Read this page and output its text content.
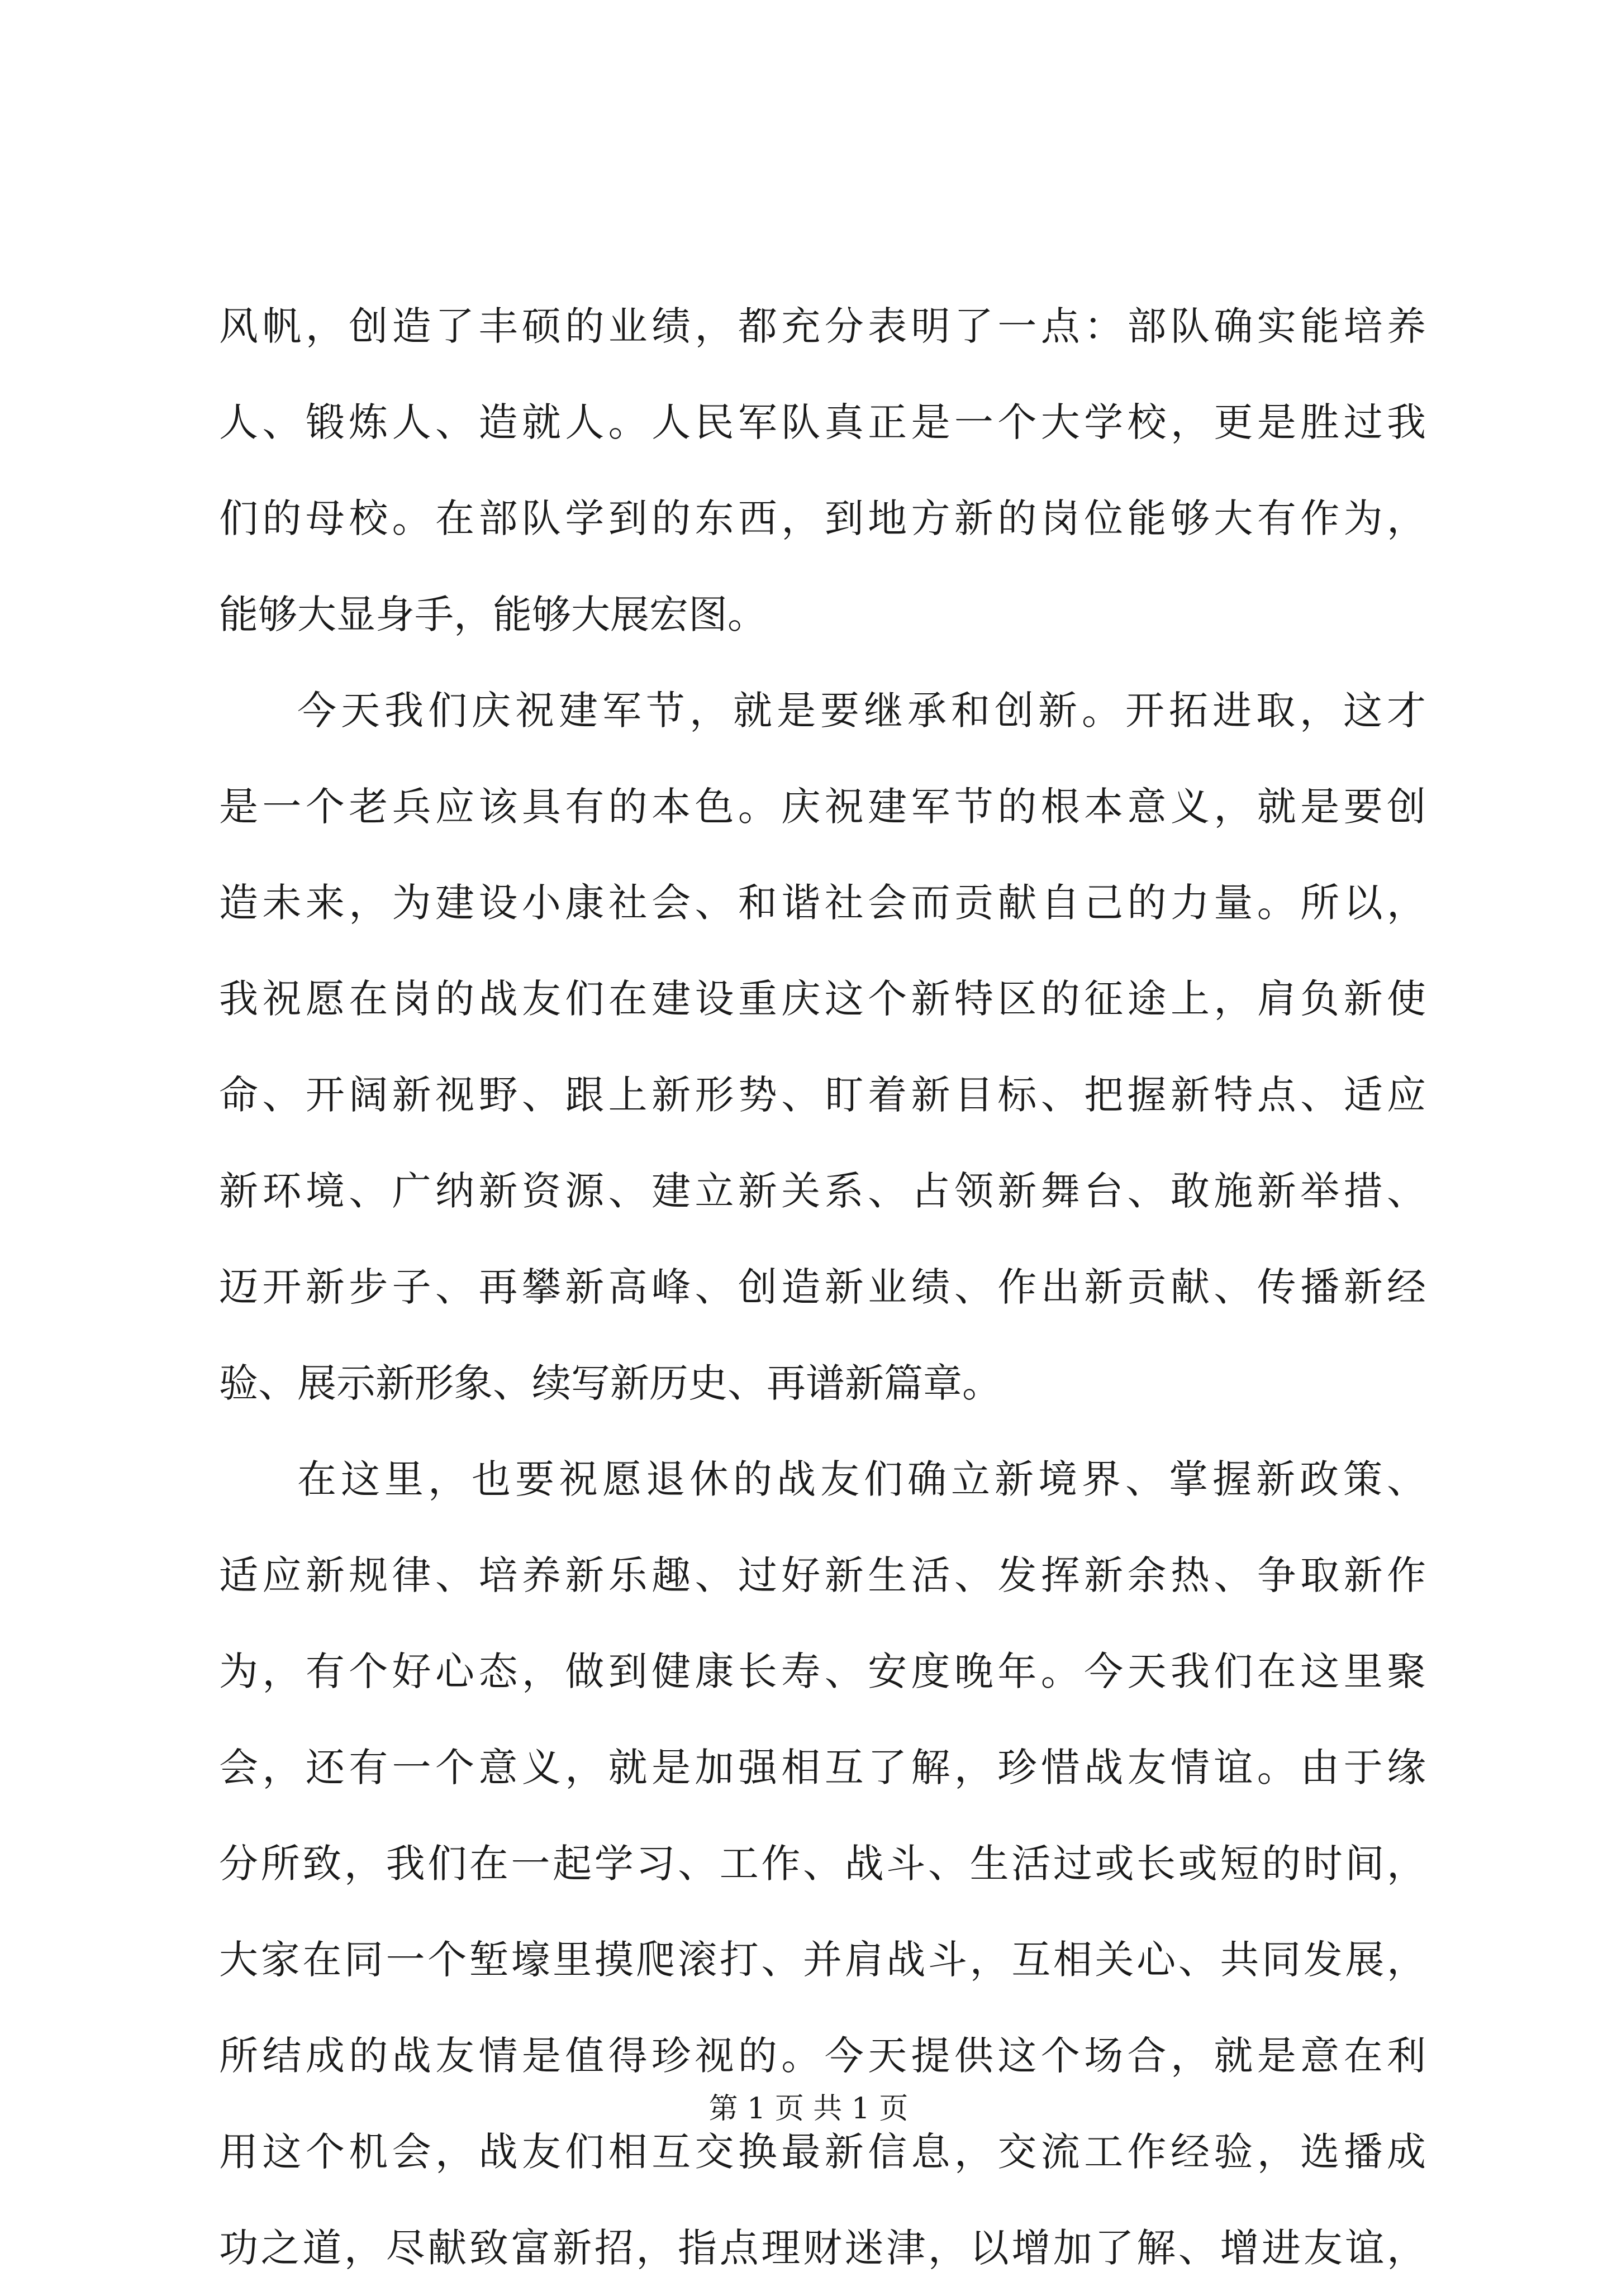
风帆，创造了丰硕的业绩，都充分表明了一点：部队确实能培养
人、锻炼人、造就人。人民军队真正是一个大学校，更是胜过我
们的母校。在部队学到的东西，到地方新的岗位能够大有作为，
能够大显身手，能够大展宏图。
今天我们庆祝建军节，就是要继承和创新。开拓进取，这才
是一个老兵应该具有的本色。庆祝建军节的根本意义，就是要创
造未来，为建设小康社会、和谐社会而贡献自己的力量。所以，
我祝愿在岗的战友们在建设重庆这个新特区的征途上，肩负新使
命、开阔新视野、跟上新形势、盯着新目标、把握新特点、适应
新环境、广纳新资源、建立新关系、占领新舞台、敢施新举措、
迈开新步子、再攀新高峰、创造新业绩、作出新贡献、传播新经
验、展示新形象、续写新历史、再谱新篇章。
在这里，也要祝愿退休的战友们确立新境界、掌握新政策、
适应新规律、培养新乐趣、过好新生活、发挥新余热、争取新作
为，有个好心态，做到健康长寿、安度晚年。今天我们在这里聚
会，还有一个意义，就是加强相互了解，珍惜战友情谊。由于缘
分所致，我们在一起学习、工作、战斗、生活过或长或短的时间，
大家在同一个堑壕里摸爬滚打、并肩战斗，互相关心、共同发展，
所结成的战友情是值得珍视的。今天提供这个场合，就是意在利
用这个机会，战友们相互交换最新信息，交流工作经验，选播成
功之道，尽献致富新招，指点理财迷津，以增加了解、增进友谊，
第 1 页 共 1 页
